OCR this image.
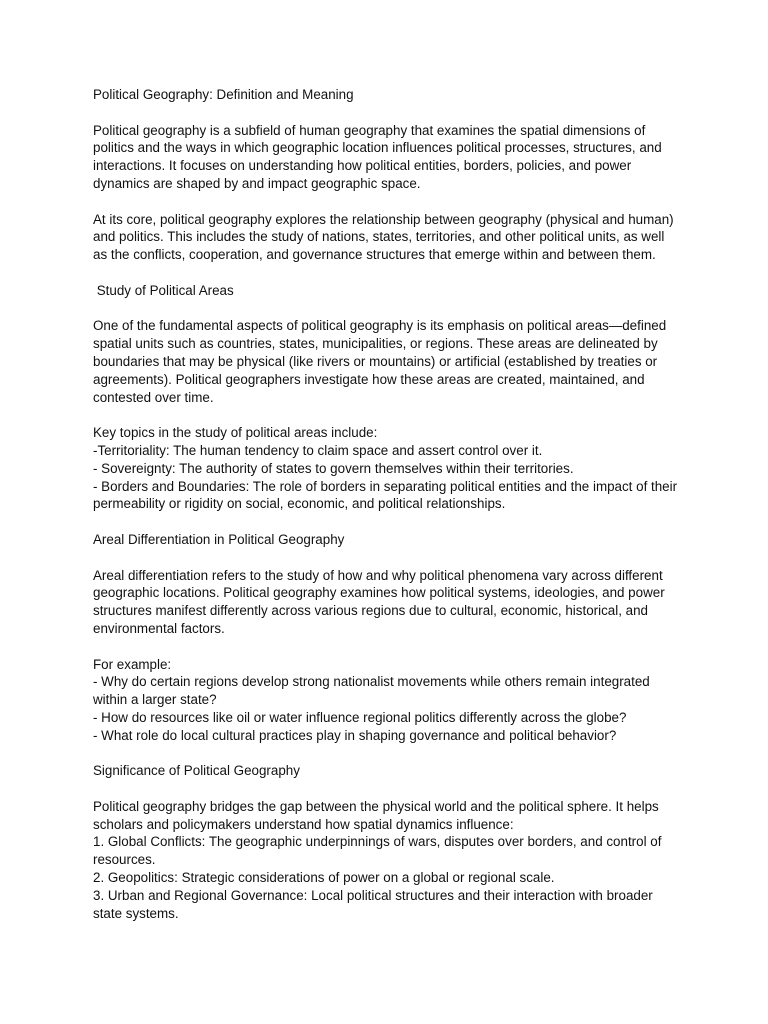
Political Geography: Definition and Meaning

Political geography is a subfield of human geography that examines the spatial dimensions of politics and the ways in which geographic location influences political processes, structures, and interactions. It focuses on understanding how political entities, borders, policies, and power dynamics are shaped by and impact geographic space.

At its core, political geography explores the relationship between geography (physical and human) and politics. This includes the study of nations, states, territories, and other political units, as well as the conflicts, cooperation, and governance structures that emerge within and between them.

Study of Political Areas

One of the fundamental aspects of political geography is its emphasis on political areas—defined spatial units such as countries, states, municipalities, or regions. These areas are delineated by boundaries that may be physical (like rivers or mountains) or artificial (established by treaties or agreements). Political geographers investigate how these areas are created, maintained, and contested over time.

Key topics in the study of political areas include:

-Territoriality: The human tendency to claim space and assert control over it.

- Sovereignty: The authority of states to govern themselves within their territories.

- Borders and Boundaries: The role of borders in separating political entities and the impact of their permeability or rigidity on social, economic, and political relationships.

Areal Differentiation in Political Geography

Areal differentiation refers to the study of how and why political phenomena vary across different geographic locations. Political geography examines how political systems, ideologies, and power structures manifest differently across various regions due to cultural, economic, historical, and environmental factors.

For example:

- Why do certain regions develop strong nationalist movements while others remain integrated within a larger state?

- How do resources like oil or water influence regional politics differently across the globe?

- What role do local cultural practices play in shaping governance and political behavior?

Significance of Political Geography

Political geography bridges the gap between the physical world and the political sphere. It helps scholars and policymakers understand how spatial dynamics influence:

1. Global Conflicts: The geographic underpinnings of wars, disputes over borders, and control of resources.

2. Geopolitics: Strategic considerations of power on a global or regional scale.

3. Urban and Regional Governance: Local political structures and their interaction with broader state systems.
